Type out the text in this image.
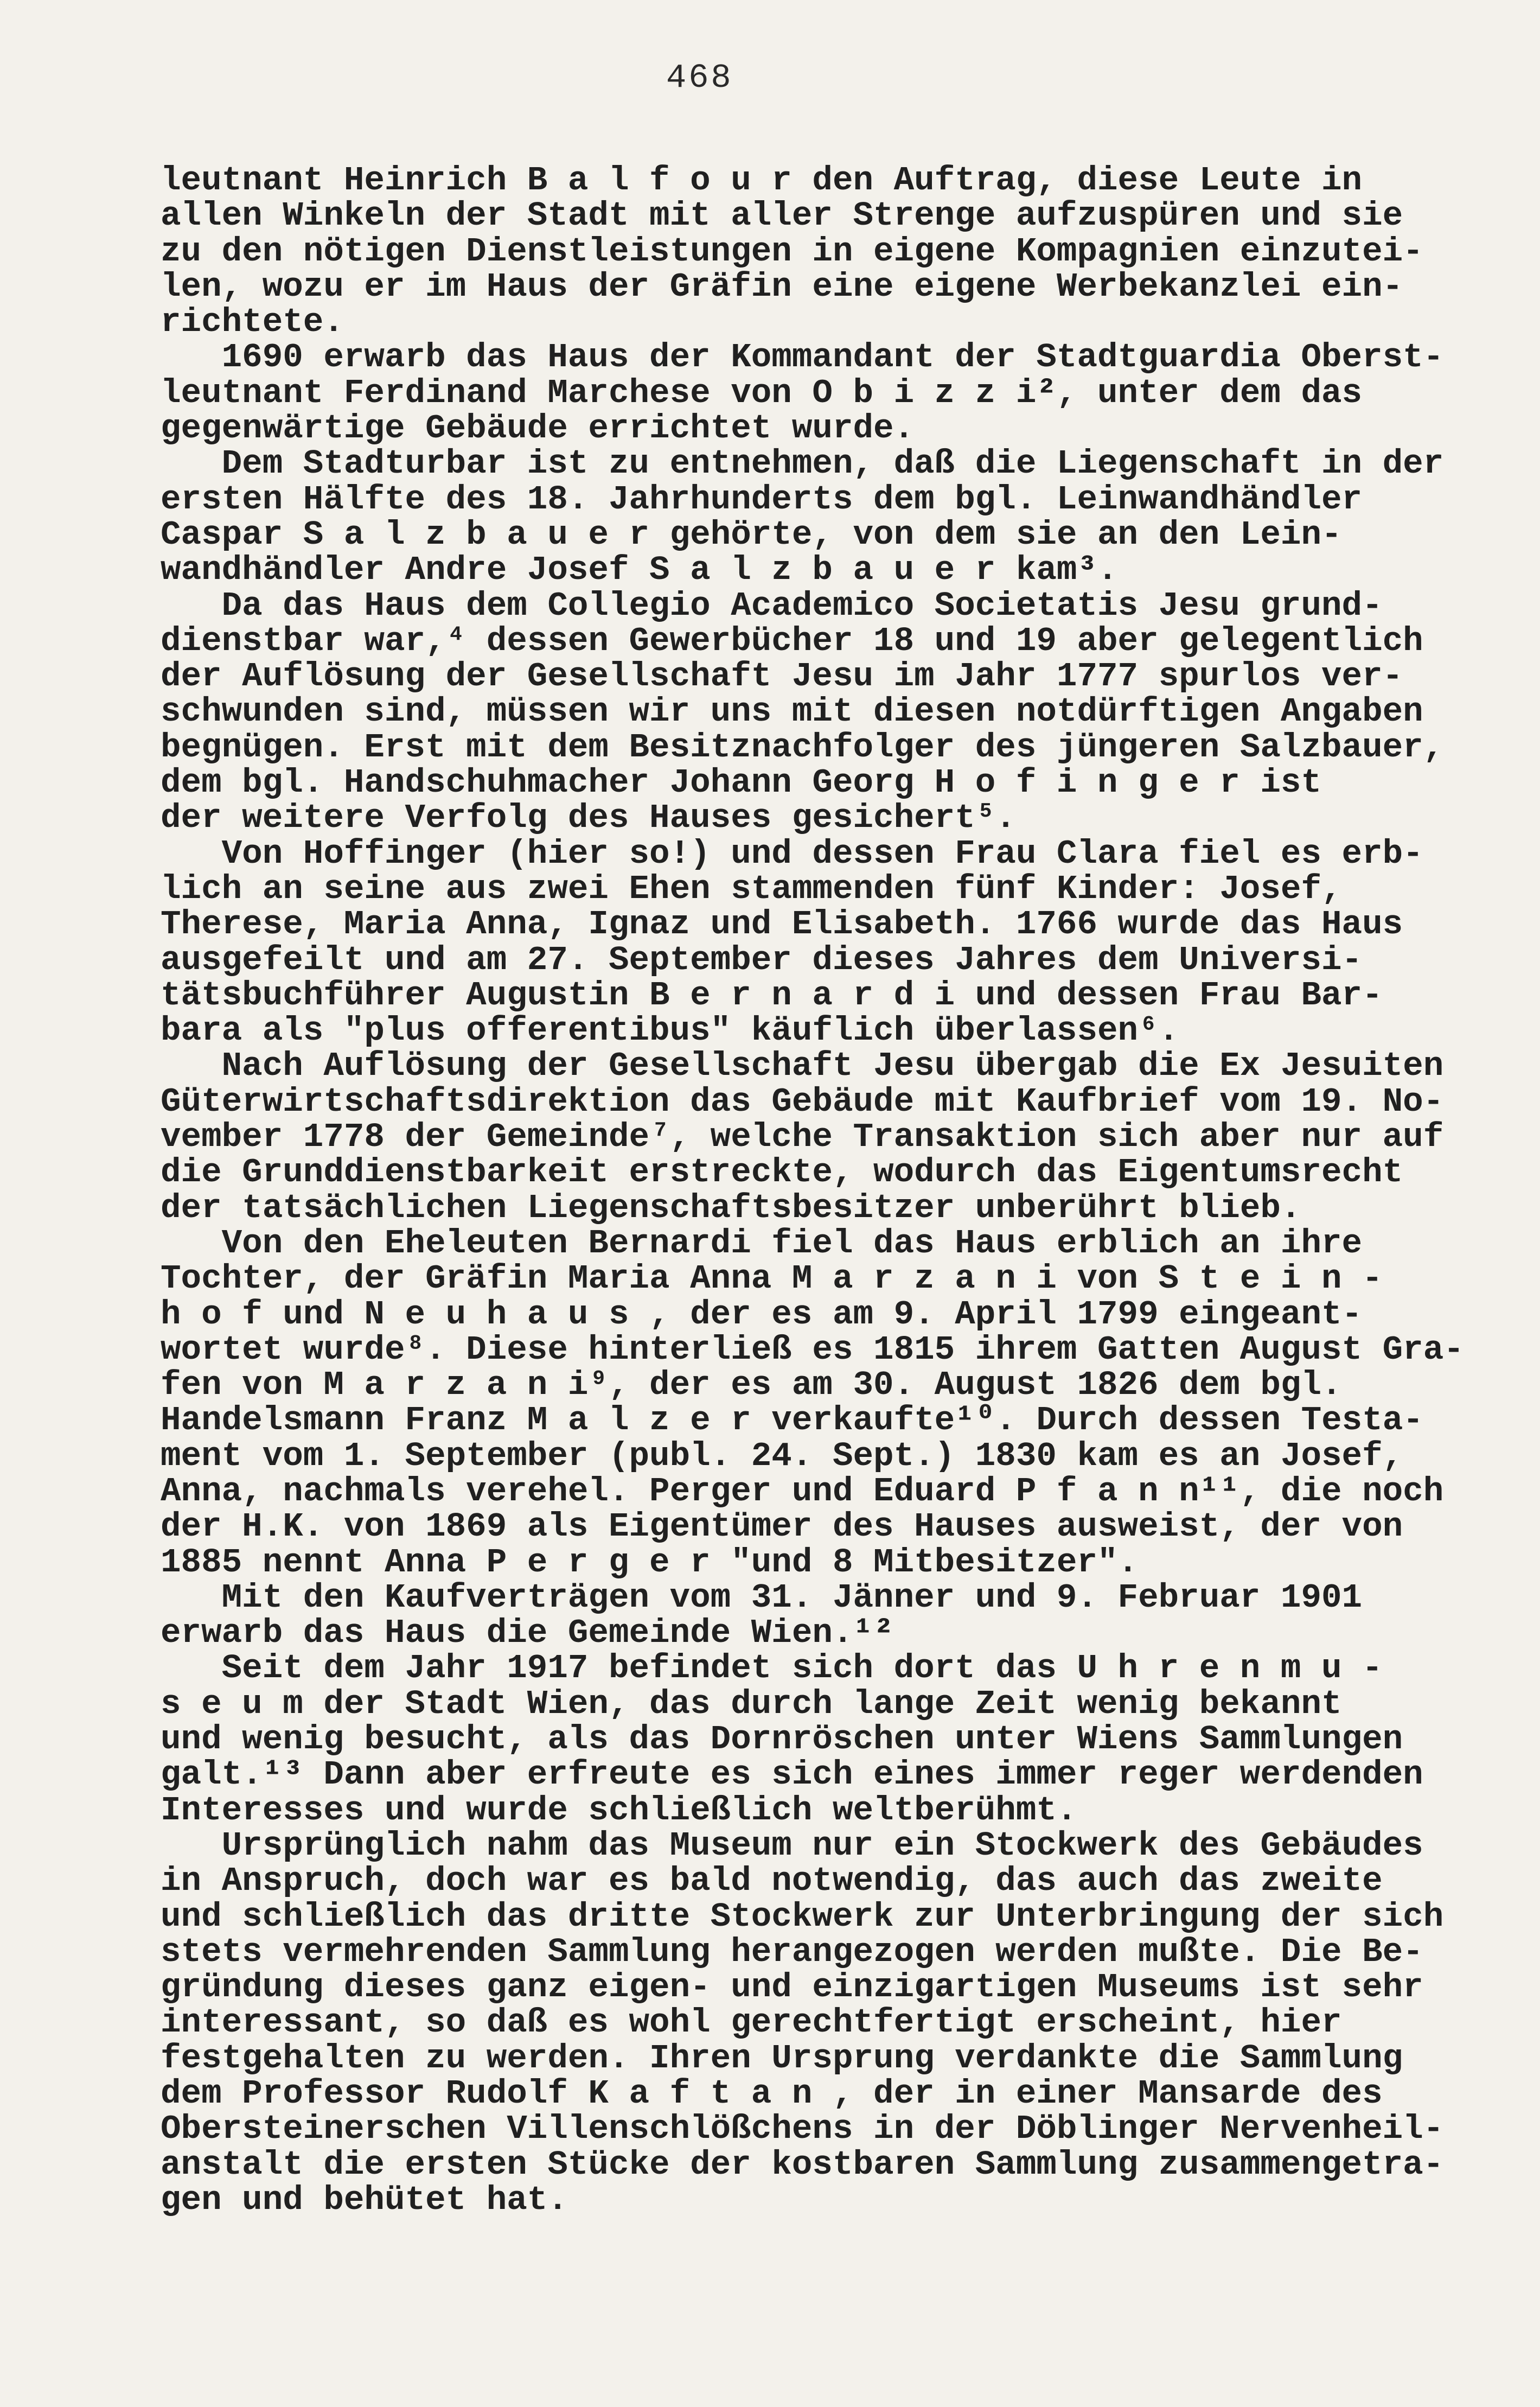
468
leutnant Heinrich B a l f o u r den Auftrag, diese Leute in
allen Winkeln der Stadt mit aller Strenge aufzuspüren und sie
zu den nötigen Dienstleistungen in eigene Kompagnien einzutei-
len, wozu er im Haus der Gräfin eine eigene Werbekanzlei ein-
richtete.
1690 erwarb das Haus der Kommandant der Stadtguardia Oberst-
leutnant Ferdinand Marchese von O b i z z i², unter dem das
gegenwärtige Gebäude errichtet wurde.
Dem Stadturbar ist zu entnehmen, daß die Liegenschaft in der
ersten Hälfte des 18. Jahrhunderts dem bgl. Leinwandhändler
Caspar S a l z b a u e r gehörte, von dem sie an den Lein-
wandhändler Andre Josef S a l z b a u e r kam³.
Da das Haus dem Collegio Academico Societatis Jesu grund-
dienstbar war,⁴ dessen Gewerbücher 18 und 19 aber gelegentlich
der Auflösung der Gesellschaft Jesu im Jahr 1777 spurlos ver-
schwunden sind, müssen wir uns mit diesen notdürftigen Angaben
begnügen. Erst mit dem Besitznachfolger des jüngeren Salzbauer,
dem bgl. Handschuhmacher Johann Georg H o f i n g e r ist
der weitere Verfolg des Hauses gesichert⁵.
Von Hoffinger (hier so!) und dessen Frau Clara fiel es erb-
lich an seine aus zwei Ehen stammenden fünf Kinder: Josef,
Therese, Maria Anna, Ignaz und Elisabeth. 1766 wurde das Haus
ausgefeilt und am 27. September dieses Jahres dem Universi-
tätsbuchführer Augustin B e r n a r d i und dessen Frau Bar-
bara als "plus offerentibus" käuflich überlassen⁶.
Nach Auflösung der Gesellschaft Jesu übergab die Ex Jesuiten
Güterwirtschaftsdirektion das Gebäude mit Kaufbrief vom 19. No-
vember 1778 der Gemeinde⁷, welche Transaktion sich aber nur auf
die Grunddienstbarkeit erstreckte, wodurch das Eigentumsrecht
der tatsächlichen Liegenschaftsbesitzer unberührt blieb.
Von den Eheleuten Bernardi fiel das Haus erblich an ihre
Tochter, der Gräfin Maria Anna M a r z a n i von S t e i n -
h o f und N e u h a u s , der es am 9. April 1799 eingeant-
wortet wurde⁸. Diese hinterließ es 1815 ihrem Gatten August Gra-
fen von M a r z a n i⁹, der es am 30. August 1826 dem bgl.
Handelsmann Franz M a l z e r verkaufte¹⁰. Durch dessen Testa-
ment vom 1. September (publ. 24. Sept.) 1830 kam es an Josef,
Anna, nachmals verehel. Perger und Eduard P f a n n¹¹, die noch
der H.K. von 1869 als Eigentümer des Hauses ausweist, der von
1885 nennt Anna P e r g e r "und 8 Mitbesitzer".
Mit den Kaufverträgen vom 31. Jänner und 9. Februar 1901
erwarb das Haus die Gemeinde Wien.¹²
Seit dem Jahr 1917 befindet sich dort das U h r e n m u -
s e u m der Stadt Wien, das durch lange Zeit wenig bekannt
und wenig besucht, als das Dornröschen unter Wiens Sammlungen
galt.¹³ Dann aber erfreute es sich eines immer reger werdenden
Interesses und wurde schließlich weltberühmt.
Ursprünglich nahm das Museum nur ein Stockwerk des Gebäudes
in Anspruch, doch war es bald notwendig, das auch das zweite
und schließlich das dritte Stockwerk zur Unterbringung der sich
stets vermehrenden Sammlung herangezogen werden mußte. Die Be-
gründung dieses ganz eigen- und einzigartigen Museums ist sehr
interessant, so daß es wohl gerechtfertigt erscheint, hier
festgehalten zu werden. Ihren Ursprung verdankte die Sammlung
dem Professor Rudolf K a f t a n , der in einer Mansarde des
Obersteinerschen Villenschlößchens in der Döblinger Nervenheil-
anstalt die ersten Stücke der kostbaren Sammlung zusammengetra-
gen und behütet hat.
